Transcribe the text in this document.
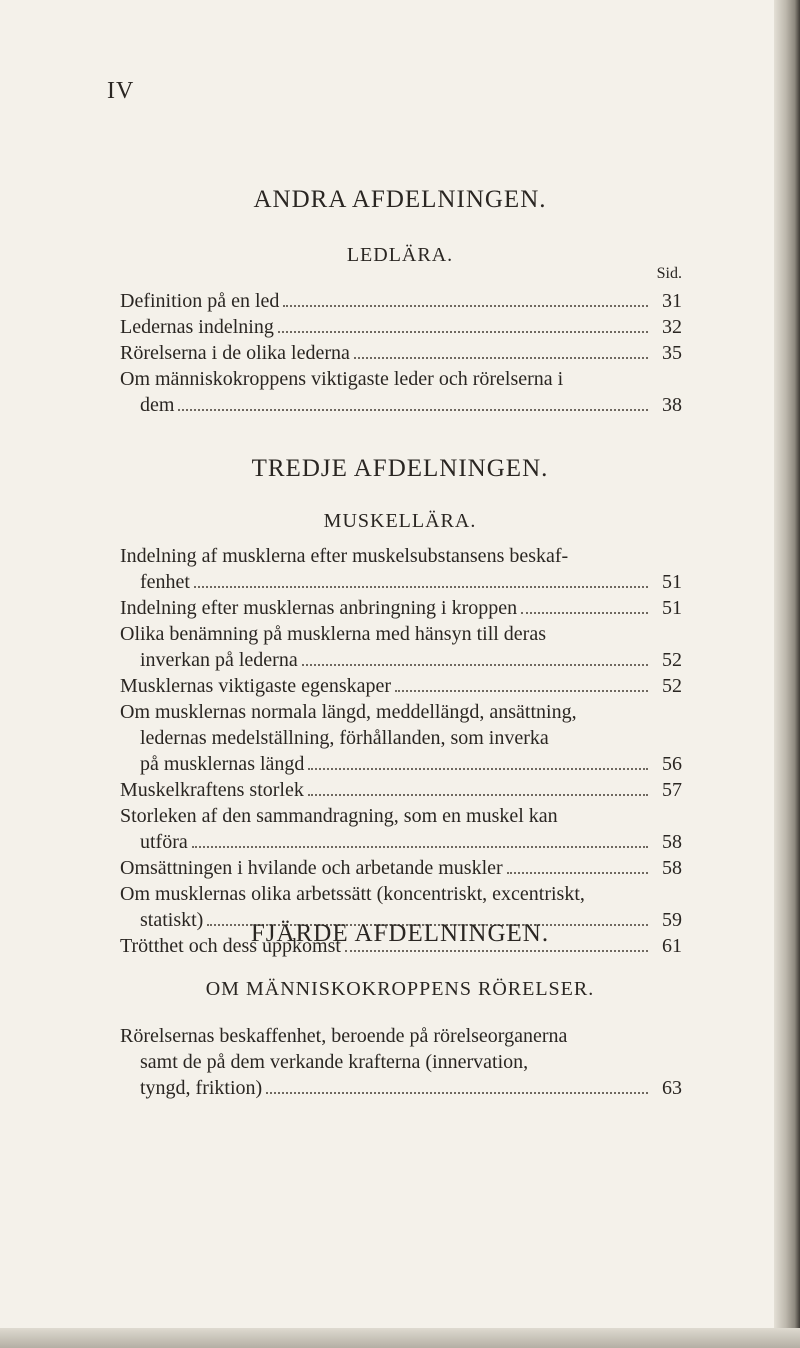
IV
ANDRA AFDELNINGEN.
LEDLÄRA.
Sid.
Definition på en led	31
Ledernas indelning	32
Rörelserna i de olika lederna	35
Om människokroppens viktigaste leder och rörelserna i
dem	38
TREDJE AFDELNINGEN.
MUSKELLÄRA.
Indelning af musklerna efter muskelsubstansens beskaf-
fenhet	51
Indelning efter musklernas anbringning i kroppen	51
Olika benämning på musklerna med hänsyn till deras
inverkan på lederna	52
Musklernas viktigaste egenskaper	52
Om musklernas normala längd, meddellängd, ansättning,
ledernas medelställning, förhållanden, som inverka
på musklernas längd	56
Muskelkraftens storlek	57
Storleken af den sammandragning, som en muskel kan
utföra	58
Omsättningen i hvilande och arbetande muskler	58
Om musklernas olika arbetssätt (koncentriskt, excentriskt,
statiskt)	59
Trötthet och dess uppkomst	61
FJÄRDE AFDELNINGEN.
OM MÄNNISKOKROPPENS RÖRELSER.
Rörelsernas beskaffenhet, beroende på rörelseorganerna
samt de på dem verkande krafterna (innervation,
tyngd, friktion)	63
